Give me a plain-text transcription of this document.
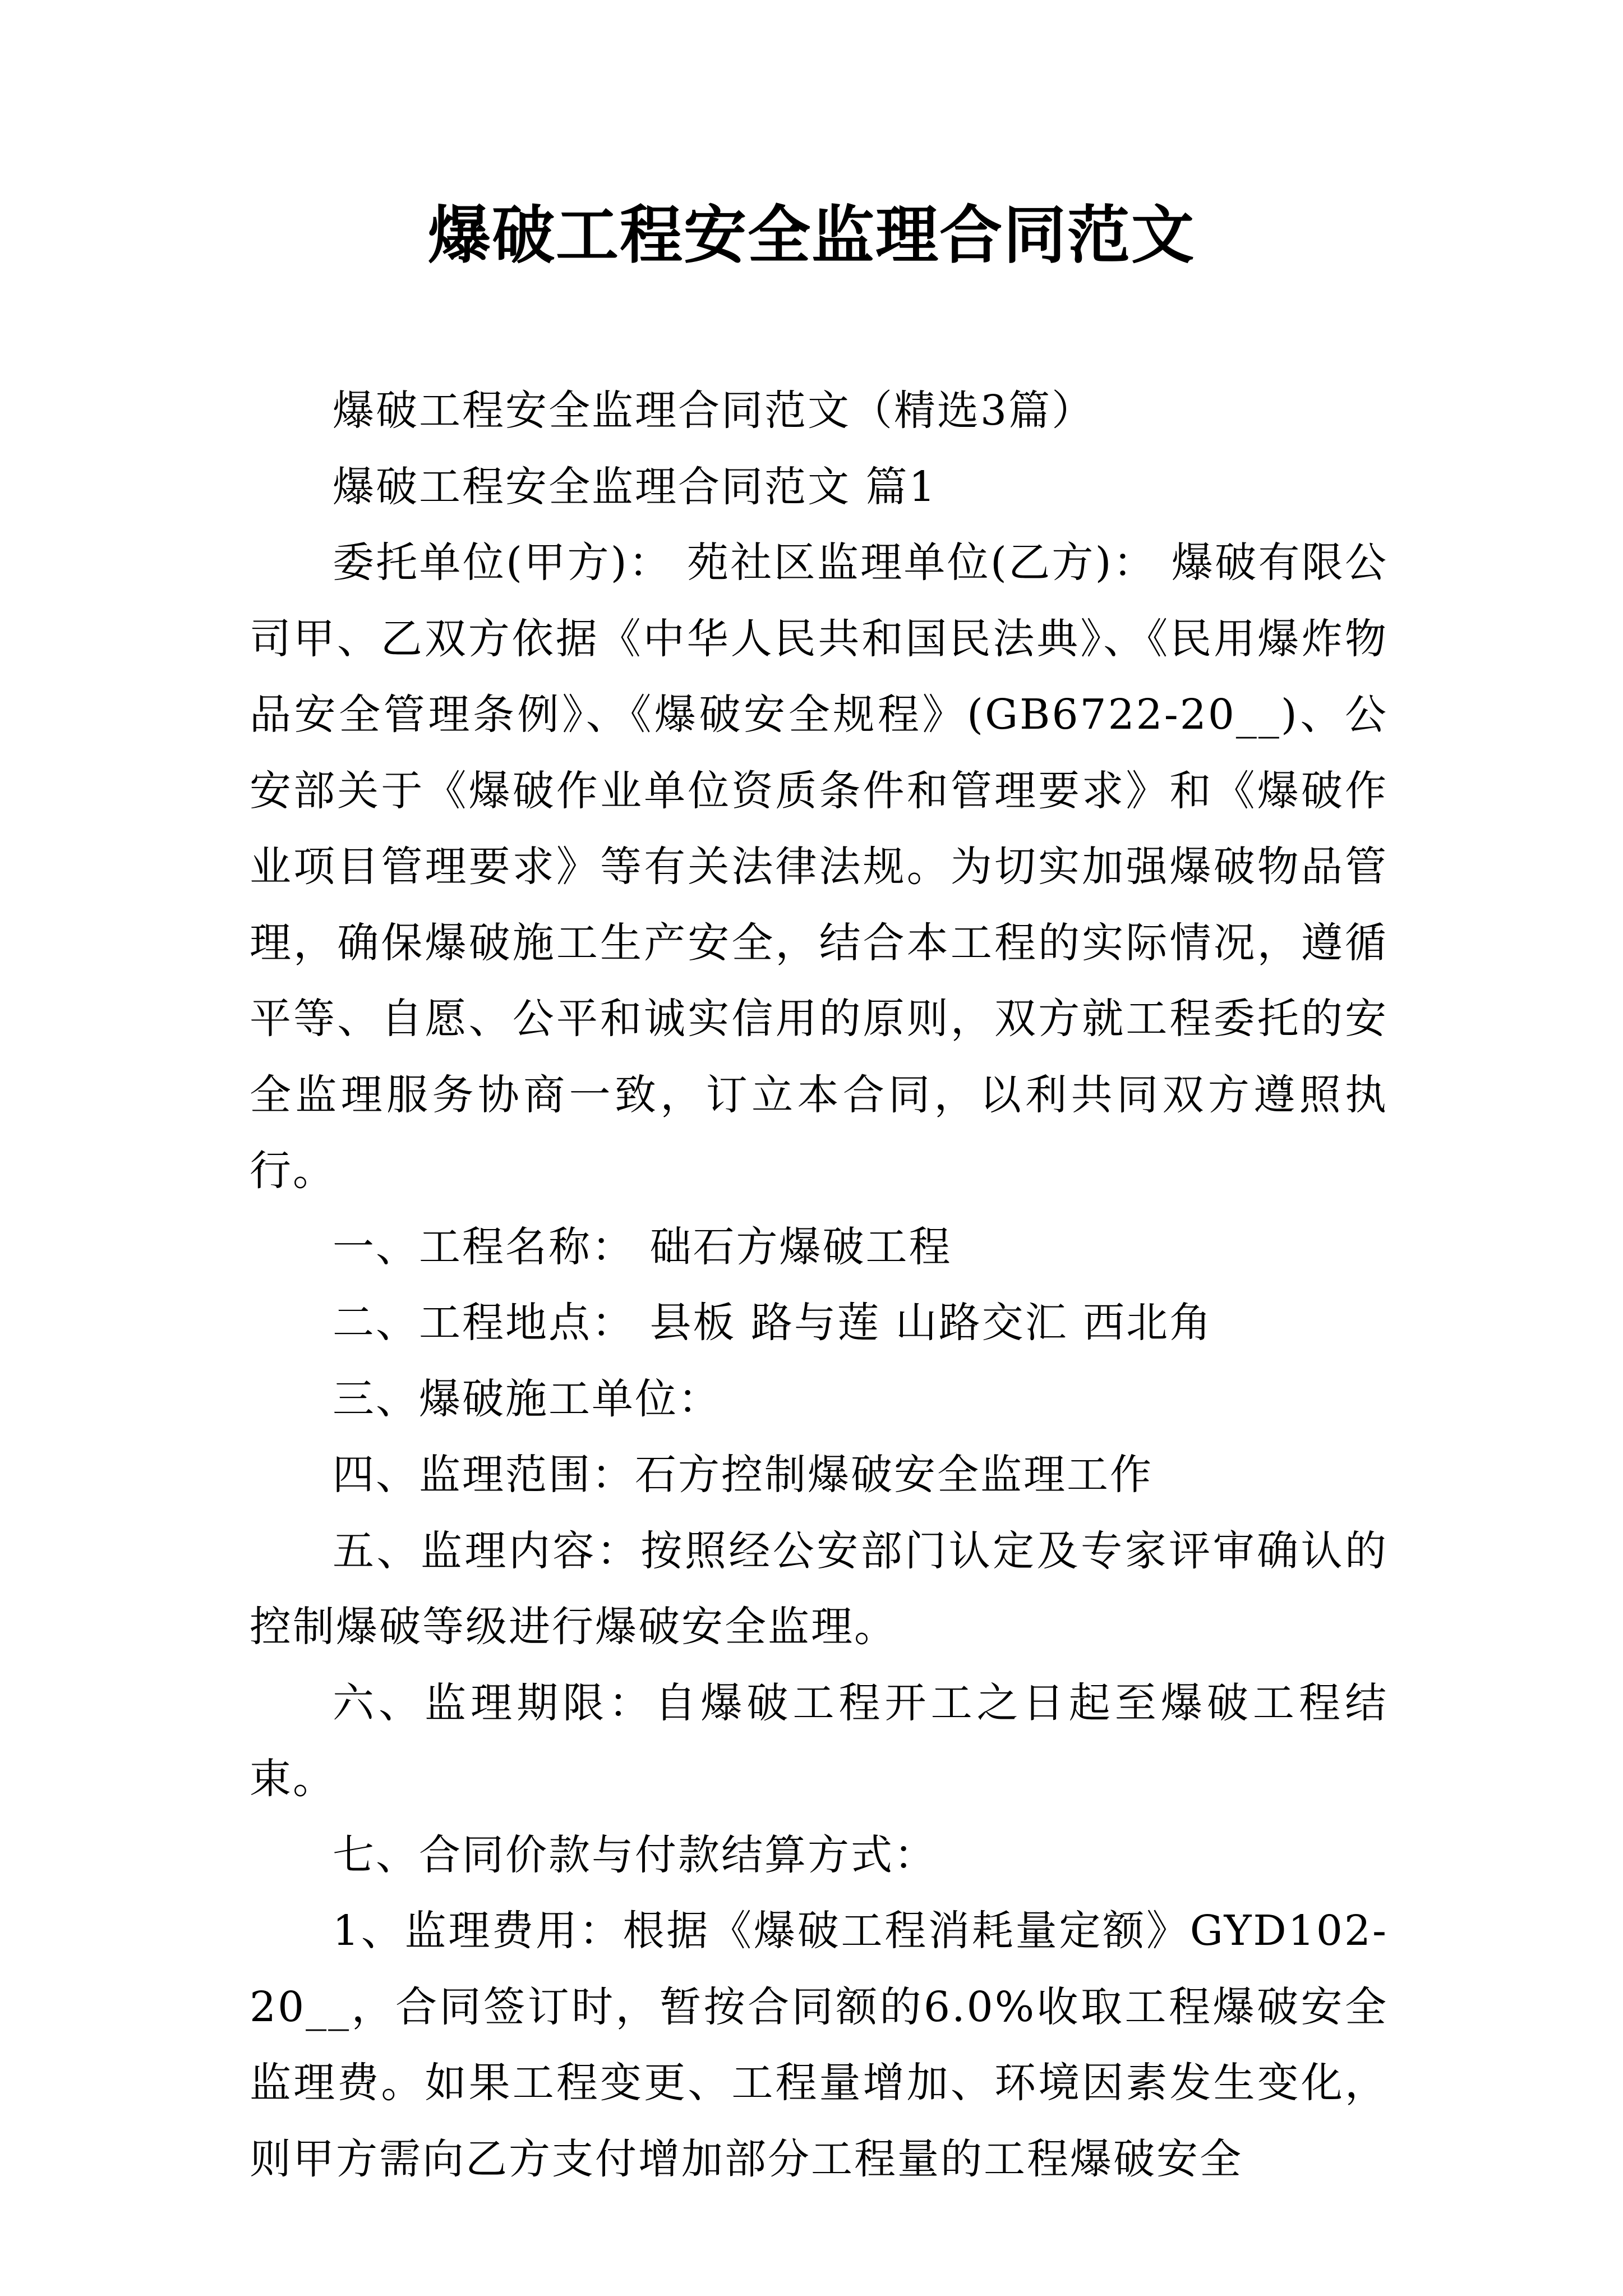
爆破工程安全监理合同范文

爆破工程安全监理合同范文（精选3篇）

爆破工程安全监理合同范文 篇1

委托单位(甲方)： 苑社区监理单位(乙方)： 爆破有限公司甲、乙双方依据《中华人民共和国民法典》、《民用爆炸物品安全管理条例》、《爆破安全规程》(GB6722-20__)、公安部关于《爆破作业单位资质条件和管理要求》和《爆破作业项目管理要求》等有关法律法规。为切实加强爆破物品管理，确保爆破施工生产安全，结合本工程的实际情况，遵循平等、自愿、公平和诚实信用的原则，双方就工程委托的安全监理服务协商一致，订立本合同，以利共同双方遵照执行。

一、工程名称： 础石方爆破工程

二、工程地点： 县板 路与莲 山路交汇 西北角

三、爆破施工单位：

四、监理范围：石方控制爆破安全监理工作

五、监理内容：按照经公安部门认定及专家评审确认的控制爆破等级进行爆破安全监理。

六、监理期限：自爆破工程开工之日起至爆破工程结束。

七、合同价款与付款结算方式：

1、监理费用：根据《爆破工程消耗量定额》GYD102-20__，合同签订时，暂按合同额的6.0%收取工程爆破安全监理费。如果工程变更、工程量增加、环境因素发生变化，则甲方需向乙方支付增加部分工程量的工程爆破安全
